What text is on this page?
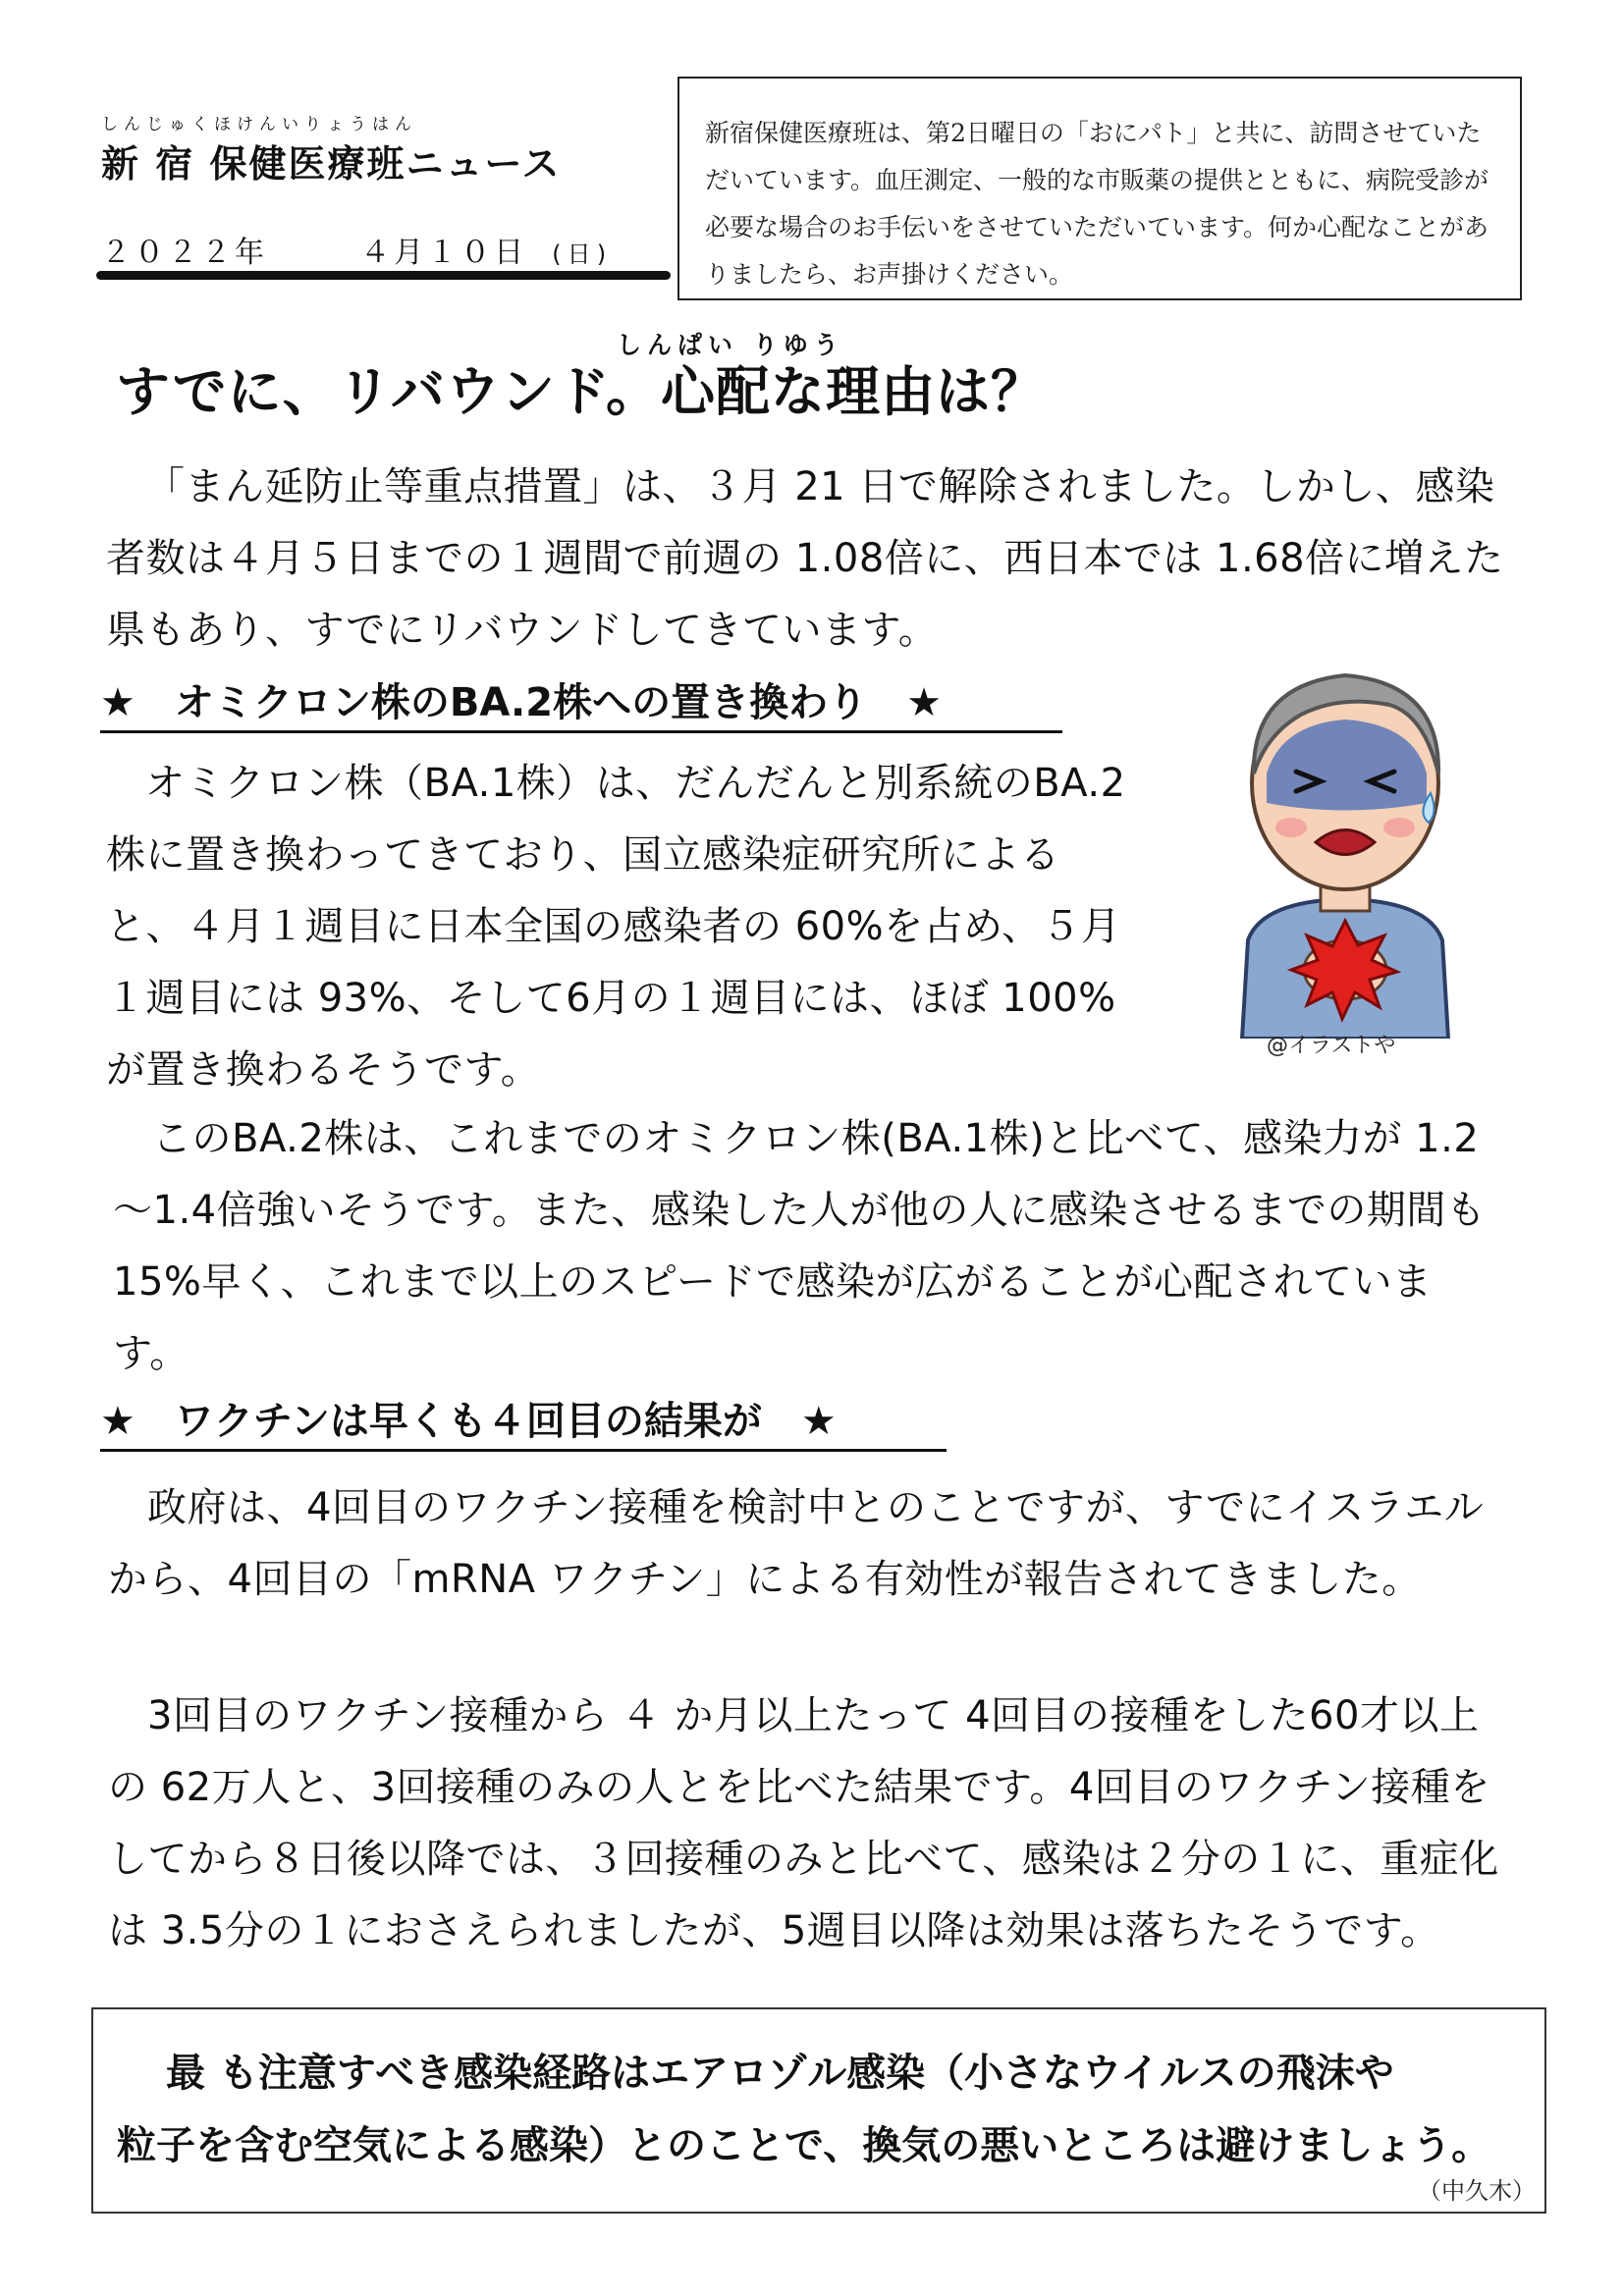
しんじゅくほけんいりょうはん
新 宿 保健医療班ニュース
２０２２年	４月１０日 (日)
新宿保健医療班は、第2日曜日の「おにパト」と共に、訪問させていただいています。血圧測定、一般的な市販薬の提供とともに、病院受診が必要な場合のお手伝いをさせていただいています。何か心配なことがありましたら、お声掛けください。
しんぱい りゆう
すでに、リバウンド。心配な理由は？
「まん延防止等重点措置」は、３月 21 日で解除されました。しかし、感染者数は４月５日までの１週間で前週の 1.08倍に、西日本では 1.68倍に増えた県もあり、すでにリバウンドしてきています。
★　オミクロン株のBA.2株への置き換わり　★
オミクロン株（BA.1株）は、だんだんと別系統のBA.2株に置き換わってきており、国立感染症研究所によると、４月１週目に日本全国の感染者の 60%を占め、５月１週目には 93%、そして6月の１週目には、ほぼ 100%が置き換わるそうです。
@イラストや
このBA.2株は、これまでのオミクロン株(BA.1株)と比べて、感染力が 1.2～1.4倍強いそうです。また、感染した人が他の人に感染させるまでの期間も 15%早く、これまで以上のスピードで感染が広がることが心配されています。
★　ワクチンは早くも４回目の結果が　★
政府は、4回目のワクチン接種を検討中とのことですが、すでにイスラエルから、4回目の「mRNA ワクチン」による有効性が報告されてきました。
3回目のワクチン接種から ４ か月以上たって 4回目の接種をした60才以上の 62万人と、3回接種のみの人とを比べた結果です。4回目のワクチン接種をしてから８日後以降では、３回接種のみと比べて、感染は２分の１に、重症化は 3.5分の１におさえられましたが、5週目以降は効果は落ちたそうです。
最 も注意すべき感染経路はエアロゾル感染（小さなウイルスの飛沫や
粒子を含む空気による感染）とのことで、換気の悪いところは避けましょう。
（中久木）
